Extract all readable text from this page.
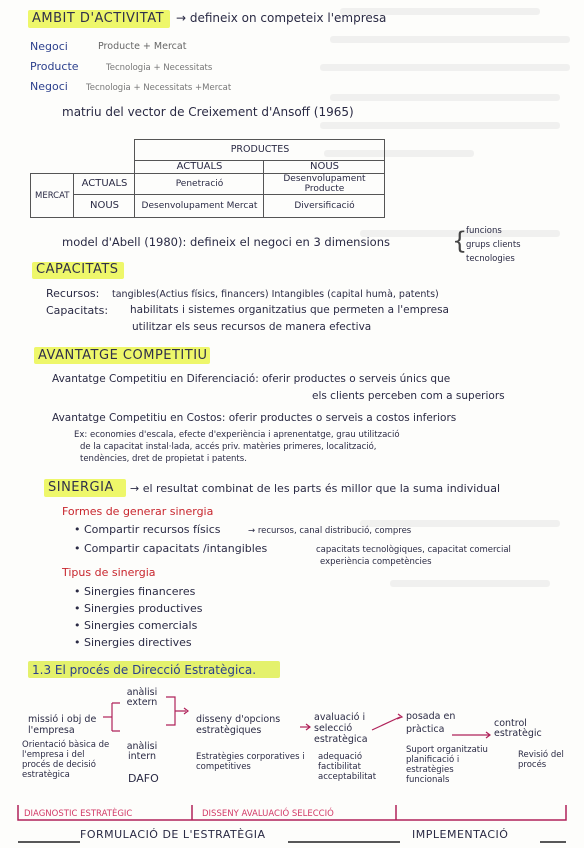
AMBIT D'ACTIVITAT → defineix on competeix l'empresa
Negoci	Producte + Mercat
Producte	Tecnologia + Necessitats
Negoci Tecnologia + Necessitats +Mercat
matriu del vector de Creixement d'Ansoff (1965)
		PRODUCTES	
		ACTUALS	NOUS
MERCAT	ACTUALS	Penetració	Desenvolupament Producte
	NOUS	Desenvolupament Mercat	Diversificació
model d'Abell (1980): defineix el negoci en 3 dimensions	{
funcions
grups clients
tecnologies
CAPACITATS
Recursos: tangibles(Actius físics, financers) Intangibles (capital humà, patents)
Capacitats: habilitats i sistemes organitzatius que permeten a l'empresa
utilitzar els seus recursos de manera efectiva
AVANTATGE COMPETITIU
Avantatge Competitiu en Diferenciació: oferir productes o serveis únics que
els clients perceben com a superiors
Avantatge Competitiu en Costos: oferir productes o serveis a costos inferiors
Ex: economies d'escala, efecte d'experiència i aprenentatge, grau utilització
de la capacitat instal·lada, accés priv. matèries primeres, localització,
tendències, dret de propietat i patents.
SINERGIA → el resultat combinat de les parts és millor que la suma individual
Formes de generar sinergia
• Compartir recursos físics	→ recursos, canal distribució, compres
• Compartir capacitats /intangibles	capacitats tecnològiques, capacitat comercial
experiència competències
Tipus de sinergia
• Sinergies financeres
• Sinergies productives
• Sinergies comercials
• Sinergies directives
1.3 El procés de Direcció Estratègica.
missió i obj de l'empresa
anàlisi extern
Orientació bàsica de l'empresa i del procés de decisió estratègica
anàlisi intern
DAFO
disseny d'opcions estratègiques
Estratègies corporatives i competitives
avaluació i selecció estratègica
adequació factibilitat acceptabilitat
posada en pràctica
control estratègic
Suport organitzatiu planificació i estratègies funcionals
Revisió del procés
DIAGNOSTIC ESTRATÈGIC	DISSENY AVALUACIÓ SELECCIÓ
FORMULACIÓ DE L'ESTRATÈGIA	IMPLEMENTACIÓ
